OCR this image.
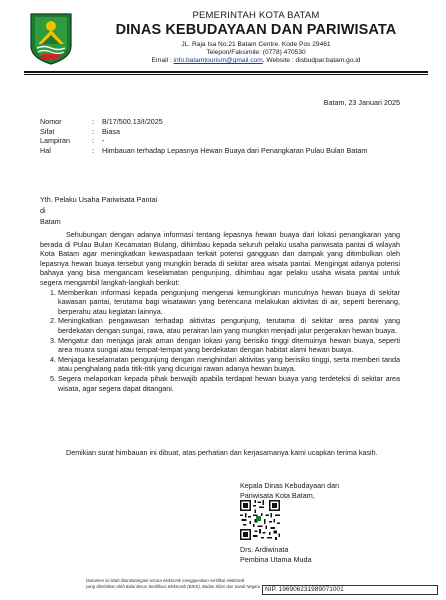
PEMERINTAH KOTA BATAM
DINAS KEBUDAYAAN DAN PARIWISATA
JL. Raja Isa No.21 Batam Centre. Kode Pos 29461
Telepon/Faksimile: (0778) 470530
Email : info.batamtourism@gmail.com, Website : disbudpar.batam.go.id
Batam, 23 Januari 2025
Nomor	:	B/17/500.13/I/2025
Sifat	:	Biasa
Lampiran	:	-
Hal	:	Himbauan terhadap Lepasnya Hewan Buaya dari Penangkaran Pulau Bulan Batam
Yth. Pelaku Usaha Pariwisata Pantai
di
Batam

Sehubungan dengan adanya informasi tentang lepasnya hewan buaya dari lokasi penangkaran yang berada di Pulau Bulan Kecamatan Bulang, dihimbau kepada seluruh pelaku usaha pariwisata pantai di wilayah Kota Batam agar meningkatkan kewaspadaan terkait potensi gangguan dan dampak yang ditimbulkan oleh lepasnya hewan buaya tersebut yang mungkin berada di sekitar area wisata pantai. Mengingat adanya potensi bahaya yang bisa mengancam keselamatan pengunjung, dihimbau agar pelaku usaha wisata pantai untuk segera mengambil langkah-langkah berikut:

1. Memberikan informasi kepada pengunjung mengenai kemungkinan munculnya hewan buaya di sekitar kawasan pantai, terutama bagi wisatawan yang berencana melakukan aktivitas di air, seperti berenang, berperahu atau kegiatan lainnya.
2. Meningkatkan pengawasan terhadap aktivitas pengunjung, terutama di sekitar area pantai yang berdekatan dengan sungai, rawa, atau perairan lain yang mungkin menjadi jalur pergerakan hewan buaya.
3. Mengatur dan menjaga jarak aman dengan lokasi yang berisiko tinggi ditemuinya hewan buaya, seperti area muara sungai atau tempat-tempat yang berdekatan dengan habitat alami hewan buaya.
4. Menjaga keselamatan pengunjung dengan menghindari aktivitas yang berisiko tinggi, serta memberi tanda atau penghalang pada titik-titik yang dicurigai rawan adanya hewan buaya.
5. Segera melaporkan kepada pihak berwajib apabila terdapat hewan buaya yang terdeteksi di sekitar area wisata, agar segera dapat ditangani.

Demikian surat himbauan ini dibuat, atas perhatian dan kerjasamanya kami ucapkan terima kasih.

Kepala Dinas Kebudayaan dan
Pariwisata Kota Batam,
Drs. Ardiwinata
Pembina Utama Muda
Dokumen ini telah ditandatangani secara elektronik menggunakan sertifikat elektronik
yang diterbitkan oleh Balai Besar Sertifikasi Elektronik (BSrE), Badan Siber dan Sandi Negara NIP. 196906231989071001
